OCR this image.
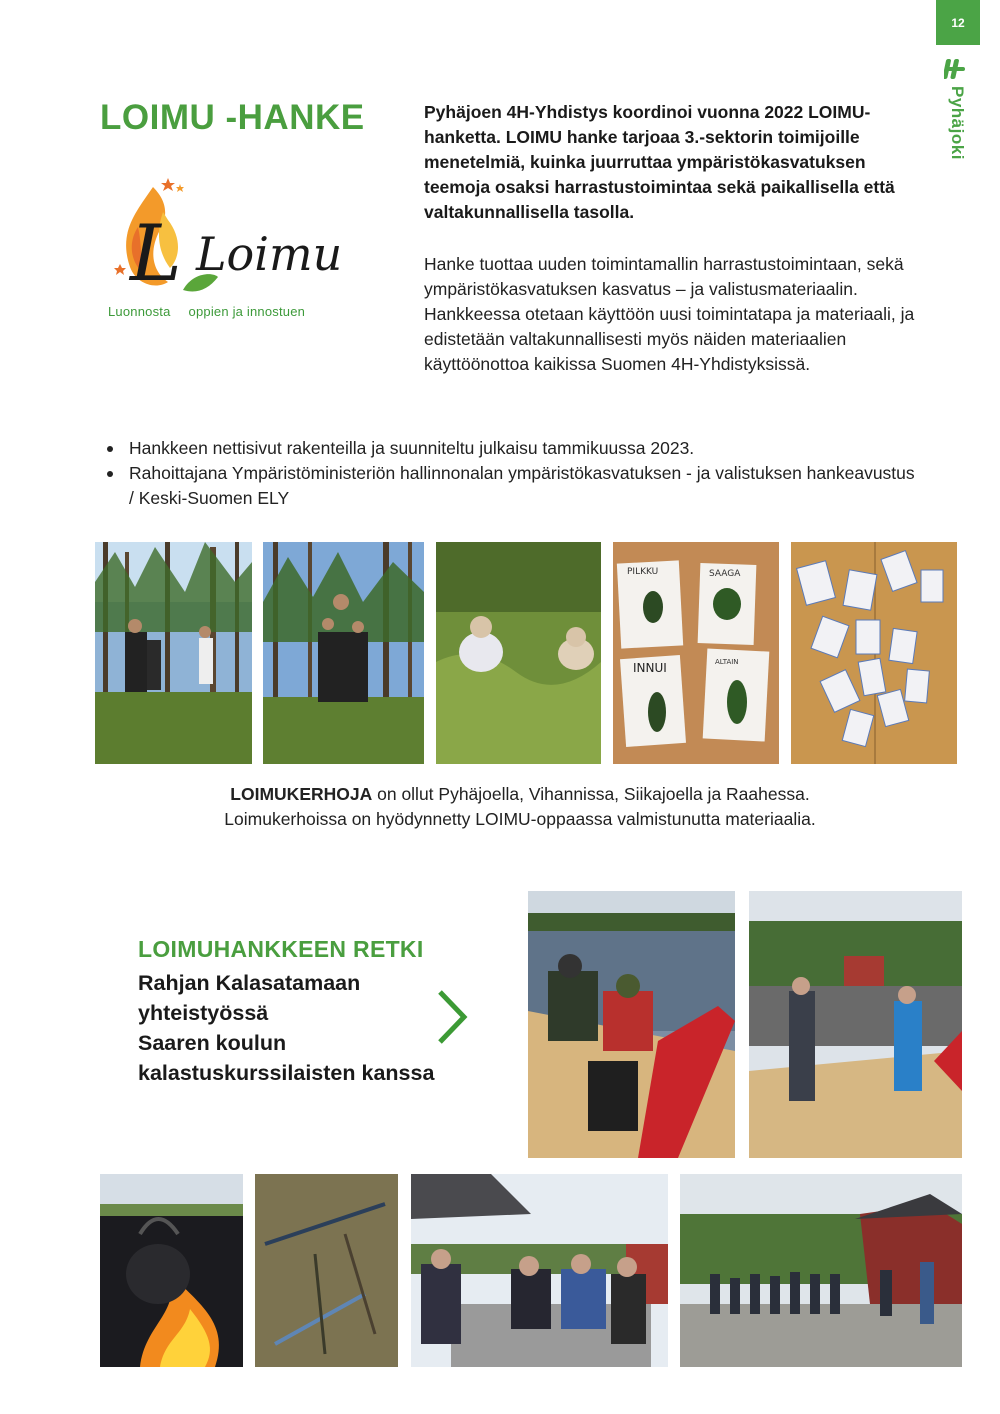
12
Pyhäjoki
LOIMU -HANKE
L Loimu
Luonnosta oppien ja innostuen

Pyhäjoen 4H-Yhdistys koordinoi vuonna 2022 LOIMU-hanketta. LOIMU hanke tarjoaa 3.-sektorin toimijoille menetelmiä, kuinka juurruttaa ympäristökasvatuksen teemoja osaksi harrastustoimintaa sekä paikallisella että valtakunnallisella tasolla.

Hanke tuottaa uuden toimintamallin harrastustoimintaan, sekä ympäristökasvatuksen kasvatus – ja valistusmateriaalin. Hankkeessa otetaan käyttöön uusi toimintatapa ja materiaali, ja edistetään valtakunnallisesti myös näiden materiaalien käyttöönottoa kaikissa Suomen 4H-Yhdistyksissä.

Hankkeen nettisivut rakenteilla ja suunniteltu julkaisu tammikuussa 2023.
Rahoittajana Ympäristöministeriön hallinnonalan ympäristökasvatuksen - ja valistuksen hankeavustus / Keski-Suomen ELY
PILKKU	SAAGA
INNUI	ALTAIN
LOIMUKERHOJA on ollut Pyhäjoella, Vihannissa, Siikajoella ja Raahessa.
Loimukerhoissa on hyödynnetty LOIMU-oppaassa valmistunutta materiaalia.
LOIMUHANKKEEN RETKI
Rahjan Kalasatamaan
yhteistyössä
Saaren koulun
kalastuskurssilaisten kanssa
